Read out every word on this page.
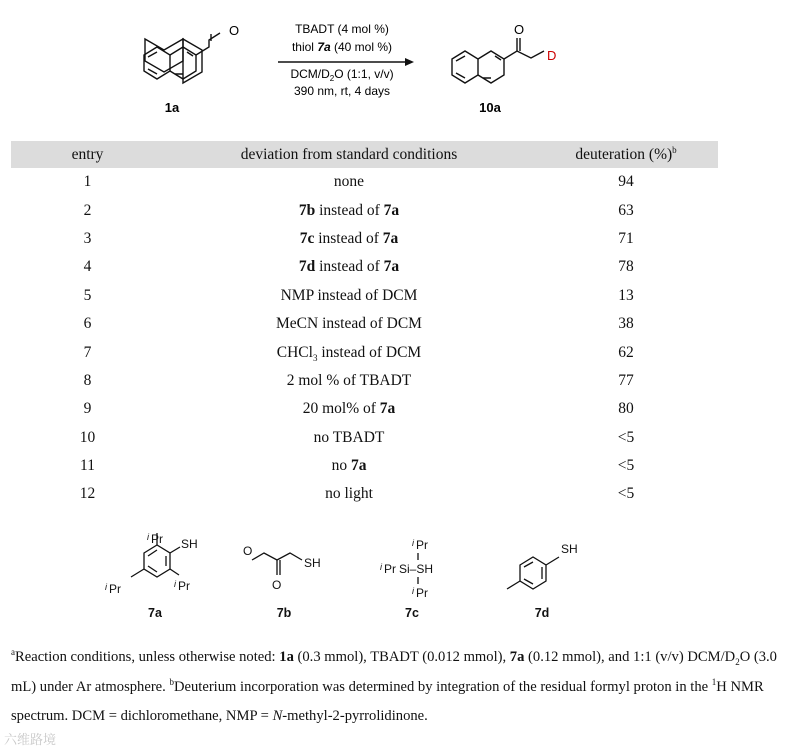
O	O
D
1a	10a
TBADT (4 mol %)
thiol 7a (40 mol %)
DCM/$D_2O$ (1:1, v/v)
390 nm, rt, 4 days
entry	deviation from standard conditions	deuteration (%)$^b$
1	none	94
2	7b instead of 7a	63
3	7c instead of 7a	71
4	7d instead of 7a	78
5	NMP instead of DCM	13
6	MeCN instead of DCM	38
7	CHCl$_3$ instead of DCM	62
8	2 mol % of TBADT	77
9	20 mol% of 7a	80
10	no TBADT	<5
11	no 7a	<5
12	no light	<5
SH
i Pr
i Pr
i Pr
O
O
SH
i Pr
i Pr Si–SH
i Pr
SH
7a	7b	7c	7d
$^a$Reaction conditions, unless otherwise noted: 1a (0.3 mmol), TBADT (0.012 mmol), 7a (0.12 mmol), and 1:1 (v/v) DCM/$D_2O$ (3.0 mL) under Ar atmosphere. $^b$Deuterium incorporation was determined by integration of the residual formyl proton in the $^1$H NMR spectrum. DCM = dichloromethane, NMP = N-methyl-2-pyrrolidinone.
六维路境
